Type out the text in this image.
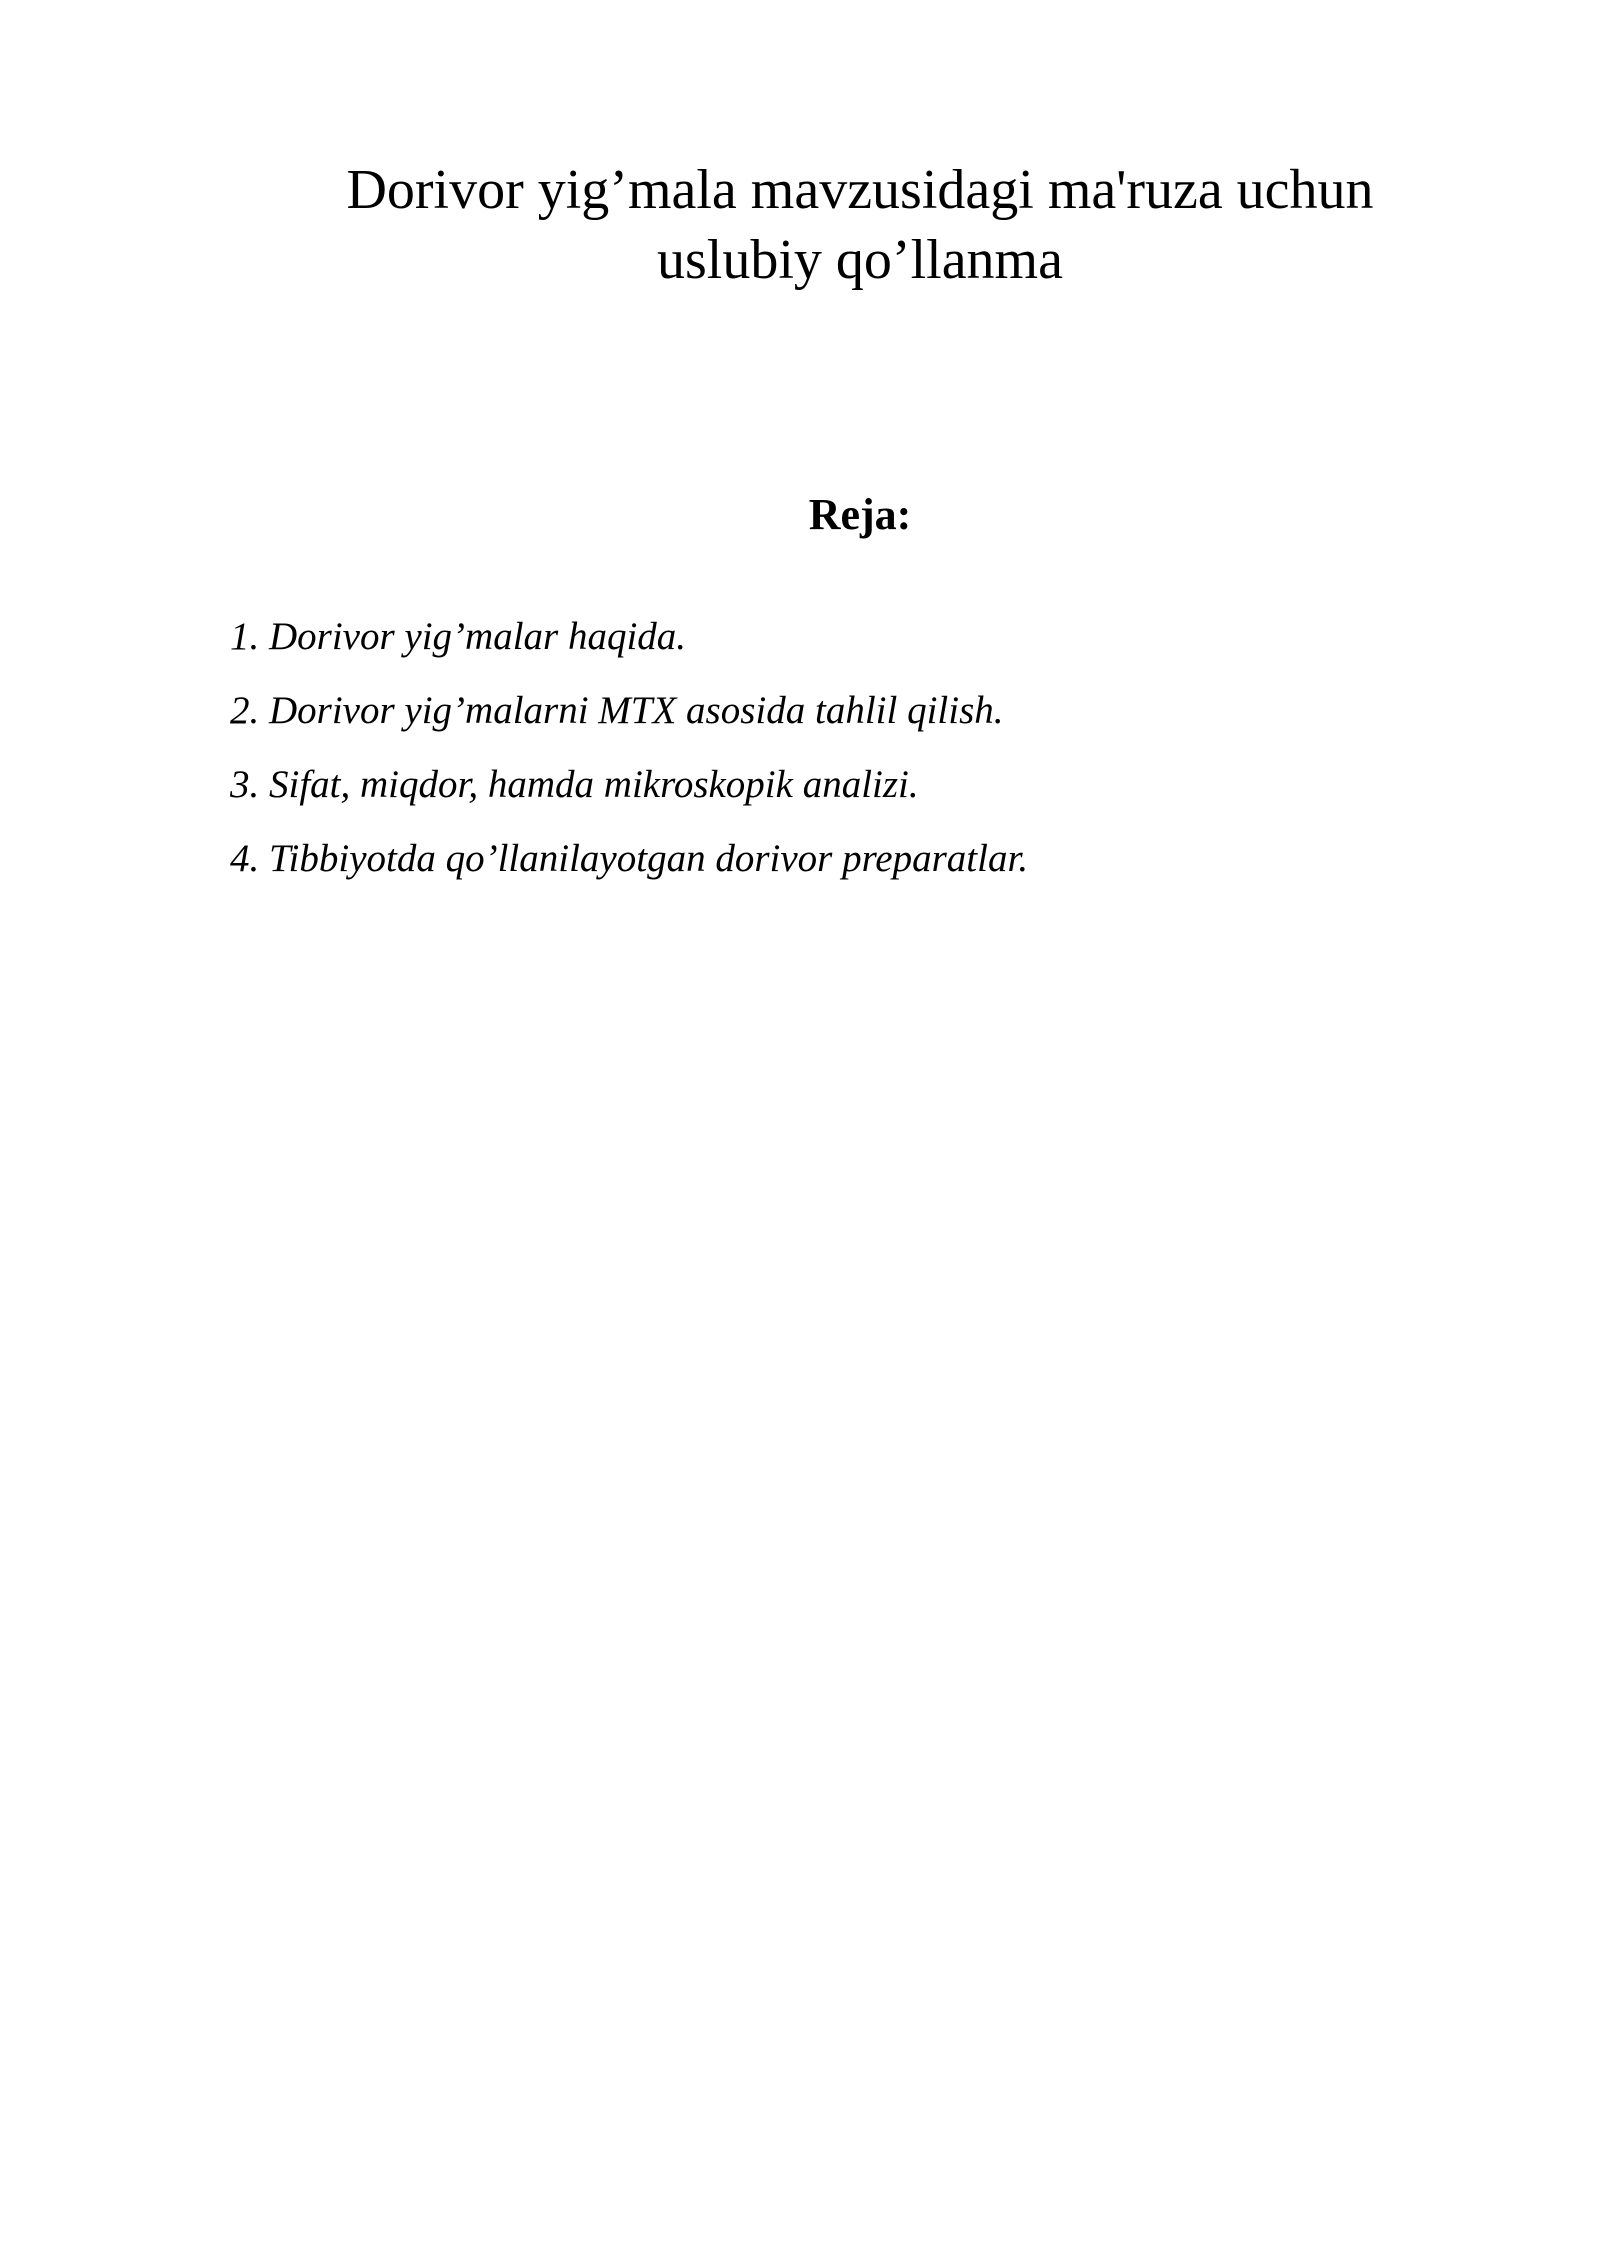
Dorivor yig’mala mavzusidagi ma'ruza uchun
uslubiy qo’llanma
Reja:
1. Dorivor yig’malar haqida.
2. Dorivor yig’malarni MTX asosida tahlil qilish.
3. Sifat, miqdor, hamda mikroskopik analizi.
4. Tibbiyotda qo’llanilayotgan dorivor preparatlar.
